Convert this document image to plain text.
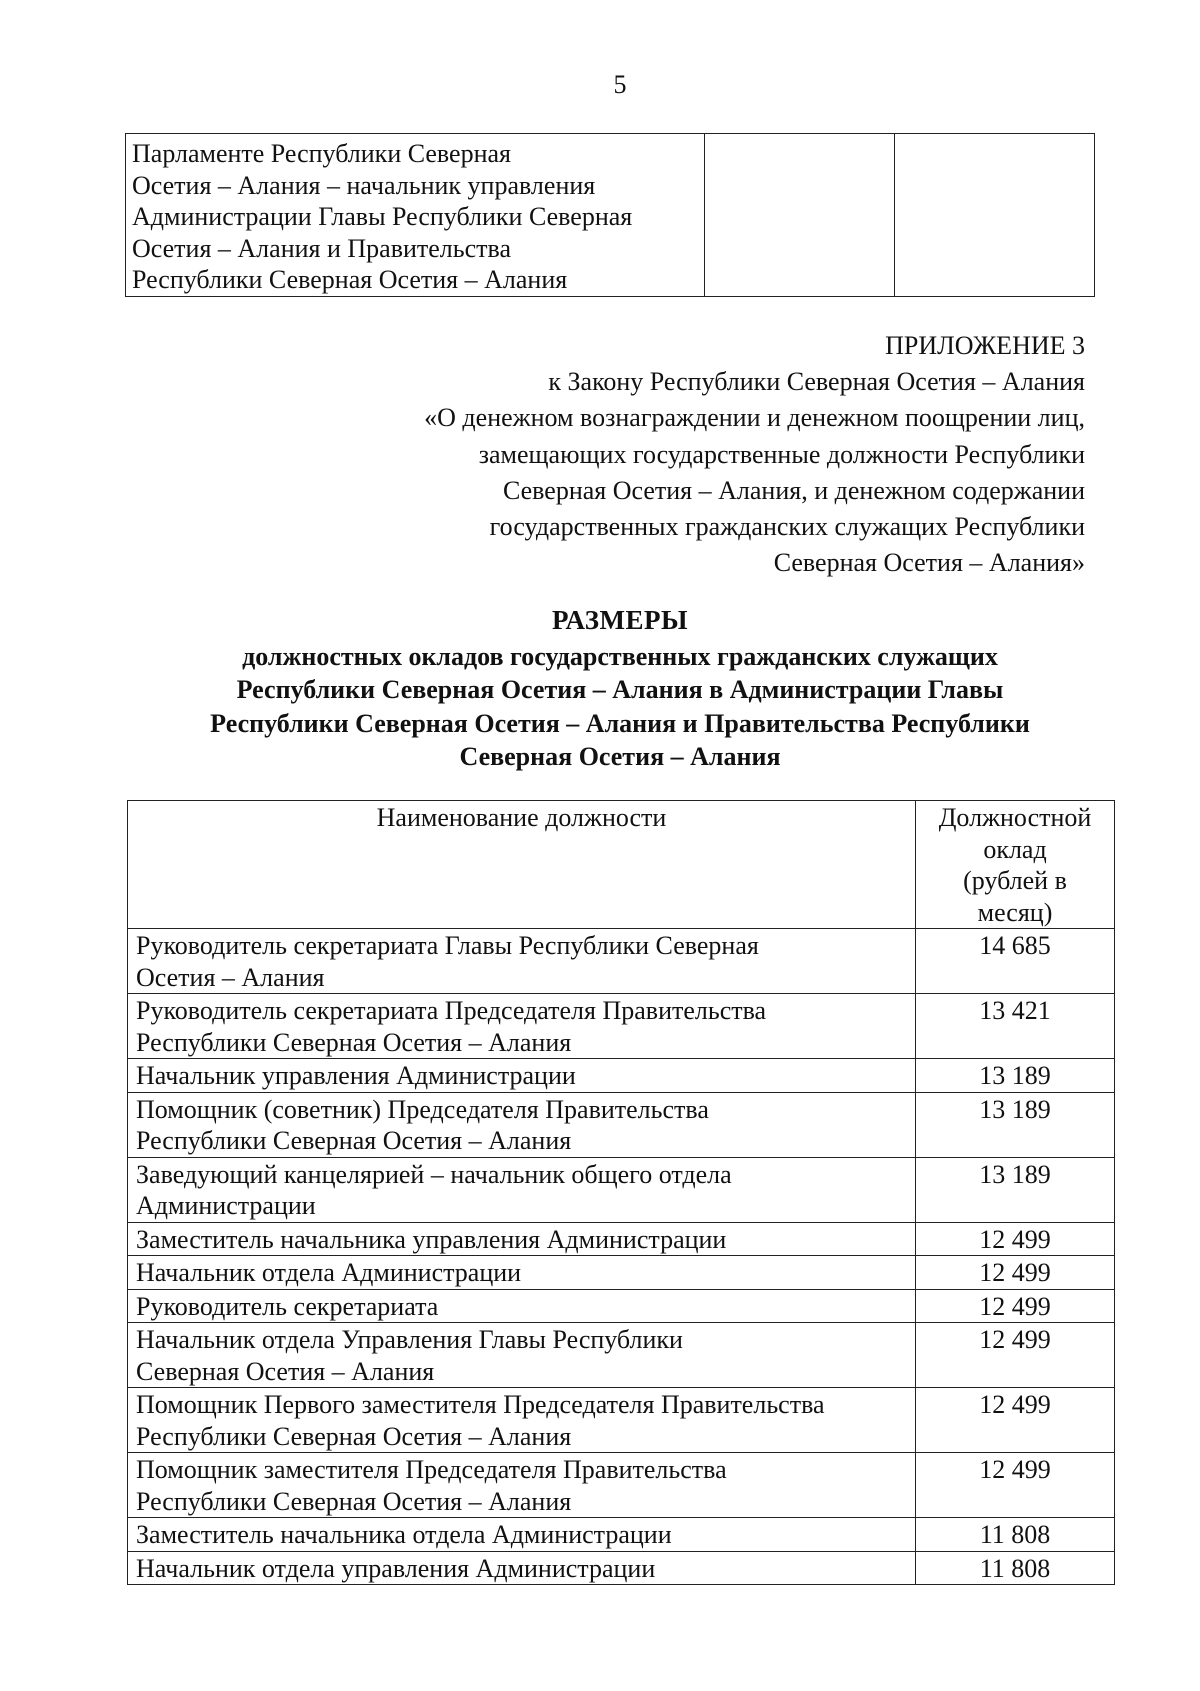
5
Парламенте Республики Северная
Осетия – Алания – начальник управления
Администрации Главы Республики Северная
Осетия – Алания и Правительства
Республики Северная Осетия – Алания

ПРИЛОЖЕНИЕ 3
к Закону Республики Северная Осетия – Алания
«О денежном вознаграждении и денежном поощрении лиц,
замещающих государственные должности Республики
Северная Осетия – Алания, и денежном содержании
государственных гражданских служащих Республики
Северная Осетия – Алания»
РАЗМЕРЫ
должностных окладов государственных гражданских служащих
Республики Северная Осетия – Алания в Администрации Главы
Республики Северная Осетия – Алания и Правительства Республики
Северная Осетия – Алания
Наименование должности	Должностной
оклад
(рублей в
месяц)

Руководитель секретариата Главы Республики Северная
Осетия – Алания	14 685

Руководитель секретариата Председателя Правительства
Республики Северная Осетия – Алания	13 421

Начальник управления Администрации	13 189

Помощник (советник) Председателя Правительства
Республики Северная Осетия – Алания	13 189

Заведующий канцелярией – начальник общего отдела
Администрации	13 189

Заместитель начальника управления Администрации	12 499

Начальник отдела Администрации	12 499

Руководитель секретариата	12 499

Начальник отдела Управления Главы Республики
Северная Осетия – Алания	12 499

Помощник Первого заместителя Председателя Правительства
Республики Северная Осетия – Алания	12 499

Помощник заместителя Председателя Правительства
Республики Северная Осетия – Алания	12 499

Заместитель начальника отдела Администрации	11 808

Начальник отдела управления Администрации	11 808
